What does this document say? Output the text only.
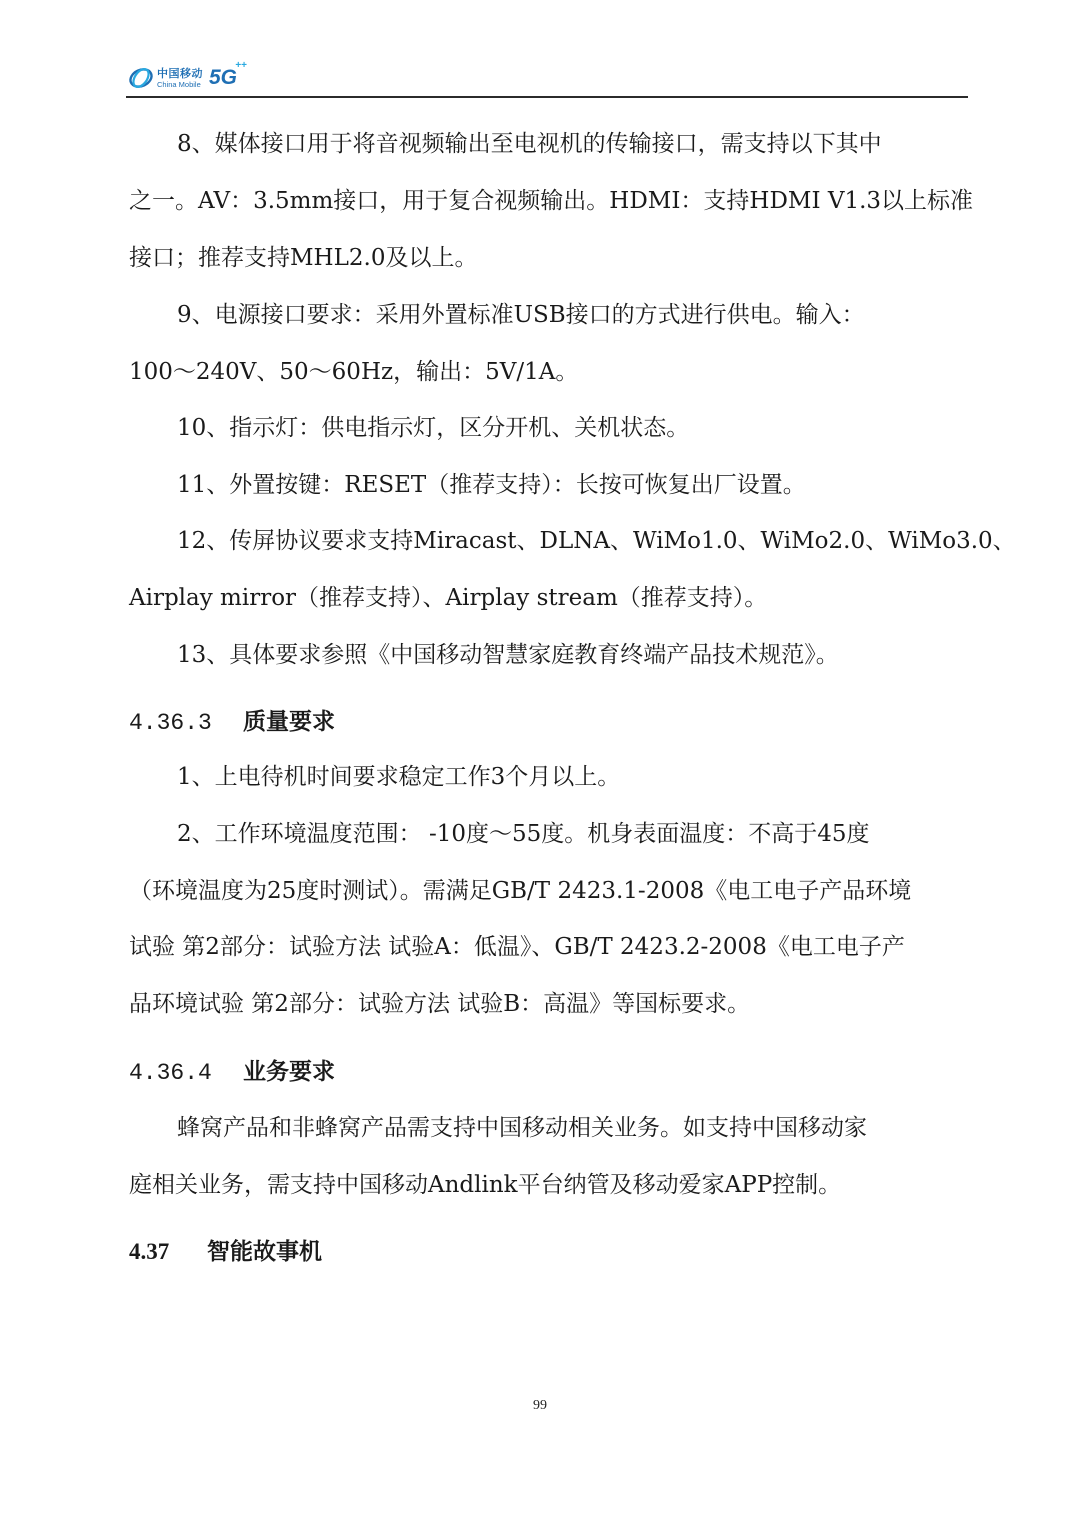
中国移动
China Mobile 5G
++
8、媒体接口用于将音视频输出至电视机的传输接口，需支持以下其中
之一。AV：3.5mm接口，用于复合视频输出。HDMI：支持HDMI V1.3以上标准
接口；推荐支持MHL2.0及以上。
9、电源接口要求：采用外置标准USB接口的方式进行供电。输入：
100～240V、50～60Hz，输出：5V/1A。
10、指示灯：供电指示灯，区分开机、关机状态。
11、外置按键：RESET（推荐支持）：长按可恢复出厂设置。
12、传屏协议要求支持Miracast、DLNA、WiMo1.0、WiMo2.0、WiMo3.0、
Airplay mirror（推荐支持）、Airplay stream（推荐支持）。
13、具体要求参照《中国移动智慧家庭教育终端产品技术规范》。
4.36.3 质量要求
1、上电待机时间要求稳定工作3个月以上。
2、工作环境温度范围： -10度～55度。机身表面温度：不高于45度
（环境温度为25度时测试）。需满足GB/T 2423.1-2008《电工电子产品环境
试验 第2部分：试验方法 试验A：低温》、GB/T 2423.2-2008《电工电子产
品环境试验 第2部分：试验方法 试验B：高温》等国标要求。
4.36.4 业务要求
蜂窝产品和非蜂窝产品需支持中国移动相关业务。如支持中国移动家
庭相关业务，需支持中国移动Andlink平台纳管及移动爱家APP控制。
4.37 智能故事机
99
